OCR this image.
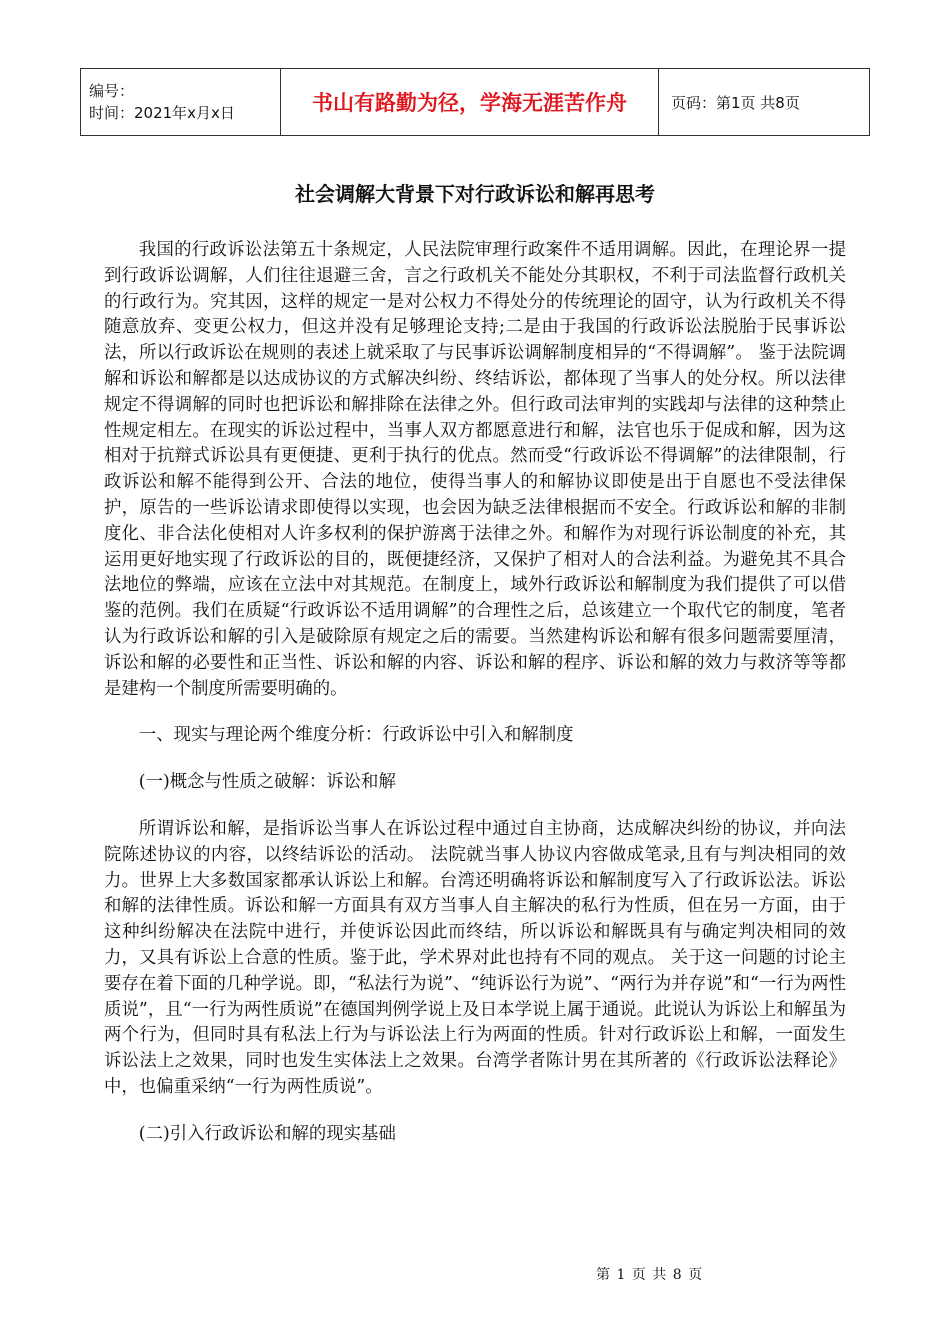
编号：
时间：2021年x月x日	书山有路勤为径，学海无涯苦作舟	页码：第1页 共8页
社会调解大背景下对行政诉讼和解再思考

我国的行政诉讼法第五十条规定，人民法院审理行政案件不适用调解。因此，在理论界一提到行政诉讼调解，人们往往退避三舍，言之行政机关不能处分其职权，不利于司法监督行政机关的行政行为。究其因，这样的规定一是对公权力不得处分的传统理论的固守，认为行政机关不得随意放弃、变更公权力，但这并没有足够理论支持;二是由于我国的行政诉讼法脱胎于民事诉讼法，所以行政诉讼在规则的表述上就采取了与民事诉讼调解制度相异的“不得调解”。 鉴于法院调解和诉讼和解都是以达成协议的方式解决纠纷、终结诉讼，都体现了当事人的处分权。所以法律规定不得调解的同时也把诉讼和解排除在法律之外。但行政司法审判的实践却与法律的这种禁止性规定相左。在现实的诉讼过程中，当事人双方都愿意进行和解，法官也乐于促成和解，因为这相对于抗辩式诉讼具有更便捷、更利于执行的优点。然而受“行政诉讼不得调解”的法律限制，行政诉讼和解不能得到公开、合法的地位，使得当事人的和解协议即使是出于自愿也不受法律保护，原告的一些诉讼请求即使得以实现，也会因为缺乏法律根据而不安全。行政诉讼和解的非制度化、非合法化使相对人许多权利的保护游离于法律之外。和解作为对现行诉讼制度的补充，其运用更好地实现了行政诉讼的目的，既便捷经济，又保护了相对人的合法利益。为避免其不具合法地位的弊端，应该在立法中对其规范。在制度上，域外行政诉讼和解制度为我们提供了可以借鉴的范例。我们在质疑“行政诉讼不适用调解”的合理性之后，总该建立一个取代它的制度，笔者认为行政诉讼和解的引入是破除原有规定之后的需要。当然建构诉讼和解有很多问题需要厘清，诉讼和解的必要性和正当性、诉讼和解的内容、诉讼和解的程序、诉讼和解的效力与救济等等都是建构一个制度所需要明确的。

一、现实与理论两个维度分析：行政诉讼中引入和解制度

(一)概念与性质之破解：诉讼和解

所谓诉讼和解，是指诉讼当事人在诉讼过程中通过自主协商，达成解决纠纷的协议，并向法院陈述协议的内容，以终结诉讼的活动。 法院就当事人协议内容做成笔录,且有与判决相同的效力。世界上大多数国家都承认诉讼上和解。台湾还明确将诉讼和解制度写入了行政诉讼法。诉讼和解的法律性质。诉讼和解一方面具有双方当事人自主解决的私行为性质，但在另一方面，由于这种纠纷解决在法院中进行，并使诉讼因此而终结，所以诉讼和解既具有与确定判决相同的效力，又具有诉讼上合意的性质。鉴于此，学术界对此也持有不同的观点。 关于这一问题的讨论主要存在着下面的几种学说。即，“私法行为说”、“纯诉讼行为说”、“两行为并存说”和“一行为两性质说”，且“一行为两性质说”在德国判例学说上及日本学说上属于通说。此说认为诉讼上和解虽为两个行为，但同时具有私法上行为与诉讼法上行为两面的性质。针对行政诉讼上和解，一面发生诉讼法上之效果，同时也发生实体法上之效果。台湾学者陈计男在其所著的《行政诉讼法释论》中，也偏重采纳“一行为两性质说”。

(二)引入行政诉讼和解的现实基础

第 1 页 共 8 页
